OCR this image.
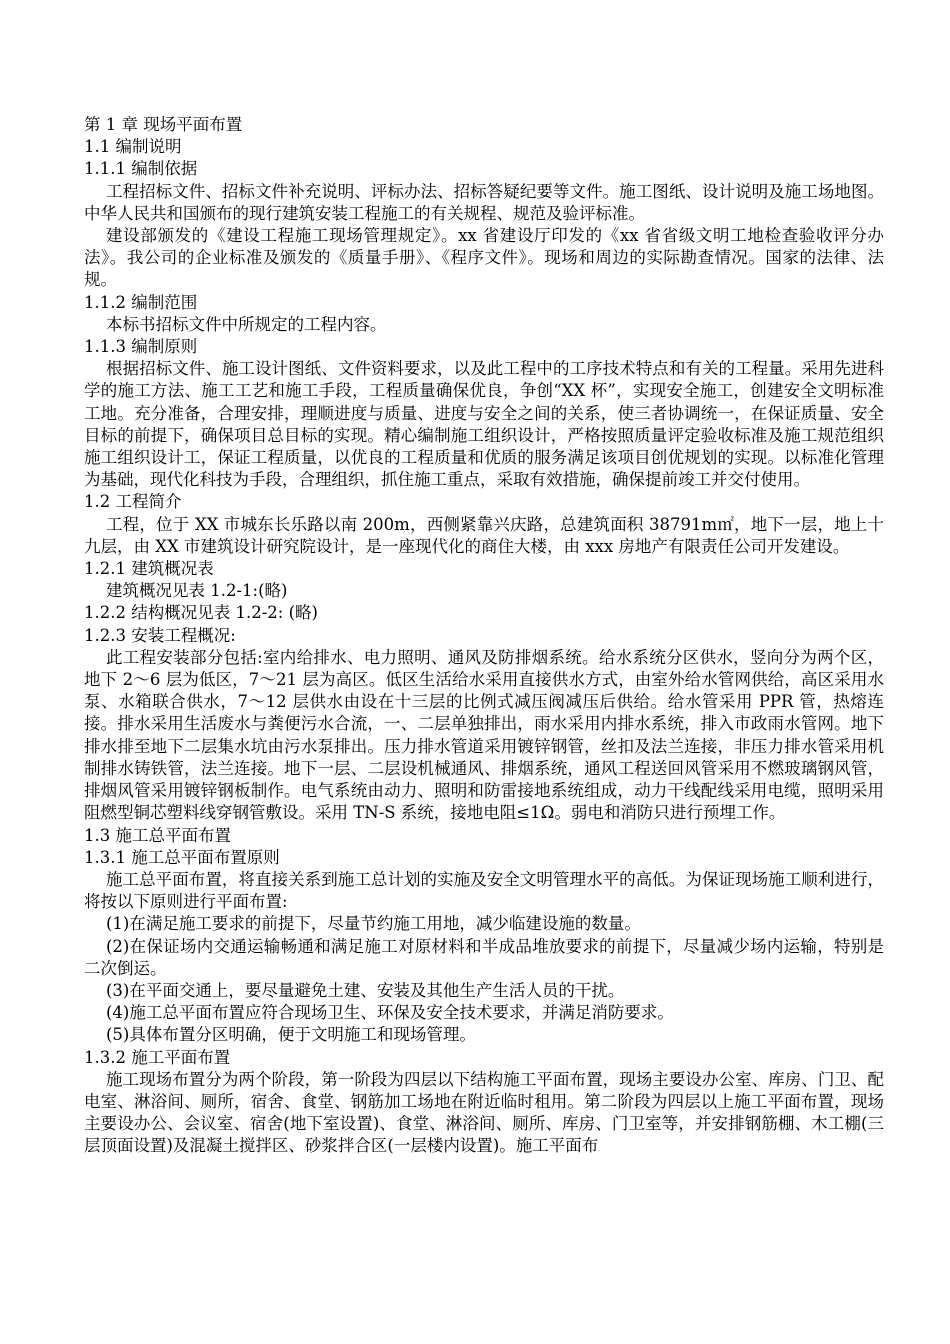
第 1 章 现场平面布置

1.1 编制说明

1.1.1 编制依据

工程招标文件、招标文件补充说明、评标办法、招标答疑纪要等文件。施工图纸、设计说明及施工场地图。中华人民共和国颁布的现行建筑安装工程施工的有关规程、规范及验评标准。

建设部颁发的《建设工程施工现场管理规定》。xx 省建设厅印发的《xx 省省级文明工地检查验收评分办法》。我公司的企业标准及颁发的《质量手册》、《程序文件》。现场和周边的实际勘查情况。国家的法律、法规。

1.1.2 编制范围

本标书招标文件中所规定的工程内容。

1.1.3 编制原则

根据招标文件、施工设计图纸、文件资料要求，以及此工程中的工序技术特点和有关的工程量。采用先进科学的施工方法、施工工艺和施工手段，工程质量确保优良，争创“XX 杯”，实现安全施工，创建安全文明标准工地。充分准备，合理安排，理顺进度与质量、进度与安全之间的关系，使三者协调统一，在保证质量、安全目标的前提下，确保项目总目标的实现。精心编制施工组织设计，严格按照质量评定验收标准及施工规范组织施工组织设计工，保证工程质量，以优良的工程质量和优质的服务满足该项目创优规划的实现。以标准化管理为基础，现代化科技为手段，合理组织，抓住施工重点，采取有效措施，确保提前竣工并交付使用。

1.2 工程简介

工程，位于 XX 市城东长乐路以南 200m，西侧紧靠兴庆路，总建筑面积 38791m㎡，地下一层，地上十九层，由 XX 市建筑设计研究院设计，是一座现代化的商住大楼，由 xxx 房地产有限责任公司开发建设。

1.2.1 建筑概况表

建筑概况见表 1.2-1:(略)

1.2.2 结构概况见表 1.2-2: (略)

1.2.3 安装工程概况:

此工程安装部分包括:室内给排水、电力照明、通风及防排烟系统。给水系统分区供水，竖向分为两个区，地下 2～6 层为低区，7～21 层为高区。低区生活给水采用直接供水方式，由室外给水管网供给，高区采用水泵、水箱联合供水，7～12 层供水由设在十三层的比例式减压阀减压后供给。给水管采用 PPR 管，热熔连接。排水采用生活废水与粪便污水合流，一、二层单独排出，雨水采用内排水系统，排入市政雨水管网。地下排水排至地下二层集水坑由污水泵排出。压力排水管道采用镀锌钢管，丝扣及法兰连接，非压力排水管采用机制排水铸铁管，法兰连接。地下一层、二层设机械通风、排烟系统，通风工程送回风管采用不燃玻璃钢风管，排烟风管采用镀锌钢板制作。电气系统由动力、照明和防雷接地系统组成，动力干线配线采用电缆，照明采用阻燃型铜芯塑料线穿钢管敷设。采用 TN-S 系统，接地电阻≤1Ω。弱电和消防只进行预埋工作。

1.3 施工总平面布置

1.3.1 施工总平面布置原则

施工总平面布置，将直接关系到施工总计划的实施及安全文明管理水平的高低。为保证现场施工顺利进行，将按以下原则进行平面布置:

(1)在满足施工要求的前提下，尽量节约施工用地，减少临建设施的数量。

(2)在保证场内交通运输畅通和满足施工对原材料和半成品堆放要求的前提下，尽量减少场内运输，特别是二次倒运。

(3)在平面交通上，要尽量避免土建、安装及其他生产生活人员的干扰。

(4)施工总平面布置应符合现场卫生、环保及安全技术要求，并满足消防要求。

(5)具体布置分区明确，便于文明施工和现场管理。

1.3.2 施工平面布置

施工现场布置分为两个阶段，第一阶段为四层以下结构施工平面布置，现场主要设办公室、库房、门卫、配电室、淋浴间、厕所，宿舍、食堂、钢筋加工场地在附近临时租用。第二阶段为四层以上施工平面布置，现场主要设办公、会议室、宿舍(地下室设置)、食堂、淋浴间、厕所、库房、门卫室等，并安排钢筋棚、木工棚(三层顶面设置)及混凝土搅拌区、砂浆拌合区(一层楼内设置)。施工平面布
